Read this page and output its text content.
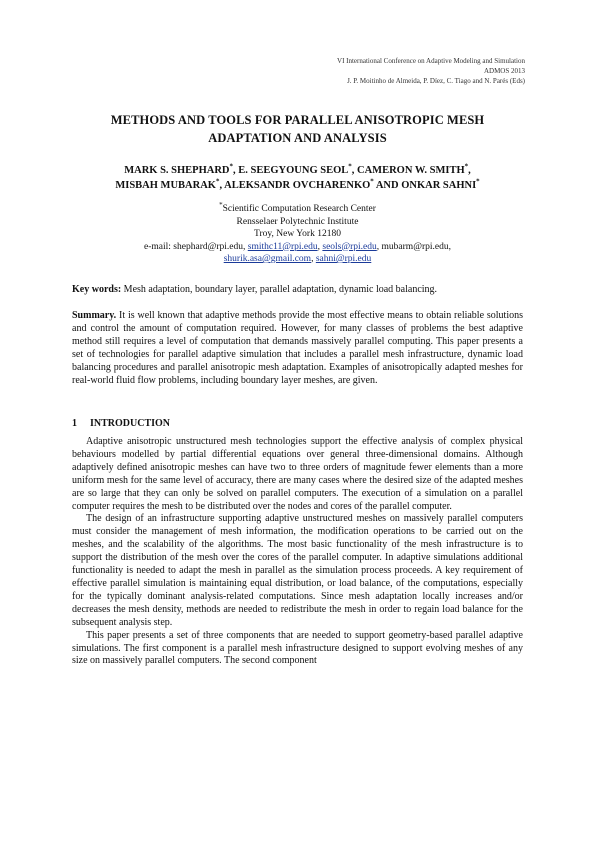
VI International Conference on Adaptive Modeling and Simulation
ADMOS 2013
J. P. Moitinho de Almeida, P. Díez, C. Tiago and N. Parés (Eds)
METHODS AND TOOLS FOR PARALLEL ANISOTROPIC MESH
ADAPTATION AND ANALYSIS
MARK S. SHEPHARD*, E. SEEGYOUNG SEOL*, CAMERON W. SMITH*,
MISBAH MUBARAK*, ALEKSANDR OVCHARENKO* AND ONKAR SAHNI*
*Scientific Computation Research Center
Rensselaer Polytechnic Institute
Troy, New York 12180
e-mail: shephard@rpi.edu, smithc11@rpi.edu, seols@rpi.edu, mubarm@rpi.edu,
shurik.asa@gmail.com, sahni@rpi.edu
Key words: Mesh adaptation, boundary layer, parallel adaptation, dynamic load balancing.
Summary. It is well known that adaptive methods provide the most effective means to obtain reliable solutions and control the amount of computation required. However, for many classes of problems the best adaptive method still requires a level of computation that demands massively parallel computing. This paper presents a set of technologies for parallel adaptive simulation that includes a parallel mesh infrastructure, dynamic load balancing procedures and parallel anisotropic mesh adaptation. Examples of anisotropically adapted meshes for real-world fluid flow problems, including boundary layer meshes, are given.
1 INTRODUCTION

Adaptive anisotropic unstructured mesh technologies support the effective analysis of complex physical behaviours modelled by partial differential equations over general three-dimensional domains. Although adaptively defined anisotropic meshes can have two to three orders of magnitude fewer elements than a more uniform mesh for the same level of accuracy, there are many cases where the desired size of the adapted meshes are so large that they can only be solved on parallel computers. The execution of a simulation on a parallel computer requires the mesh to be distributed over the nodes and cores of the parallel computer.

The design of an infrastructure supporting adaptive unstructured meshes on massively parallel computers must consider the management of mesh information, the modification operations to be carried out on the meshes, and the scalability of the algorithms. The most basic functionality of the mesh infrastructure is to support the distribution of the mesh over the cores of the parallel computer. In adaptive simulations additional functionality is needed to adapt the mesh in parallel as the simulation process proceeds. A key requirement of effective parallel simulation is maintaining equal distribution, or load balance, of the computations, especially for the typically dominant analysis-related computations. Since mesh adaptation locally increases and/or decreases the mesh density, methods are needed to redistribute the mesh in order to regain load balance for the subsequent analysis step.

This paper presents a set of three components that are needed to support geometry-based parallel adaptive simulations. The first component is a parallel mesh infrastructure designed to support evolving meshes of any size on massively parallel computers. The second component
